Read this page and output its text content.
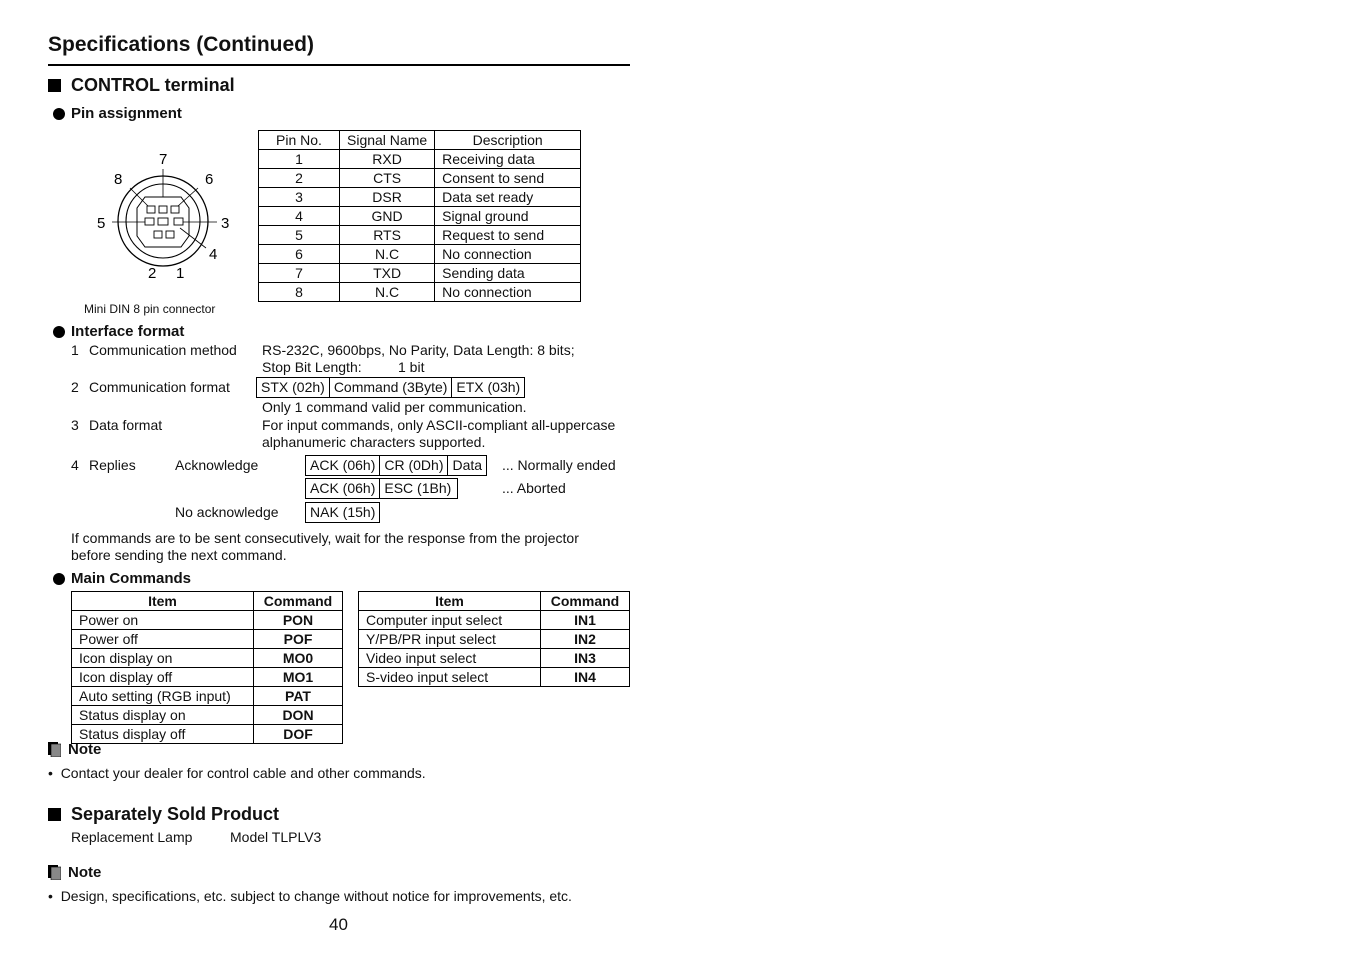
Specifications (Continued)
CONTROL terminal
Pin assignment
2 1
3
4
5
6
7
8
Mini DIN 8 pin connector
Pin No.	Signal Name	Description
1	RXD	Receiving data
2	CTS	Consent to send
3	DSR	Data set ready
4	GND	Signal ground
5	RTS	Request to send
6	N.C	No connection
7	TXD	Sending data
8	N.C	No connection
Interface format
1 Communication method RS-232C, 9600bps, No Parity, Data Length: 8 bits;
Stop Bit Length:	1 bit
2 Communication format	STX (02h) Command (3Byte) ETX (03h)
Only 1 command valid per communication.
3 Data format	For input commands, only ASCII-compliant all-uppercase
alphanumeric characters supported.
4 Replies	Acknowledge	ACK (06h) CR (0Dh) Data	... Normally ended
ACK (06h) ESC (1Bh)	... Aborted
No acknowledge	NAK (15h)
If commands are to be sent consecutively, wait for the response from the projector
before sending the next command.
Main Commands
Item	Command
Power on	PON
Power off	POF
Icon display on	MO0
Icon display off	MO1
Auto setting (RGB input)	PAT
Status display on	DON
Status display off	DOF
Item	Command
Computer input select	IN1
Y/PB/PR input select	IN2
Video input select	IN3
S-video input select	IN4
Note
•  Contact your dealer for control cable and other commands.
Separately Sold Product
Replacement Lamp	Model TLPLV3
Note
•  Design, specifications, etc. subject to change without notice for improvements, etc.
40
